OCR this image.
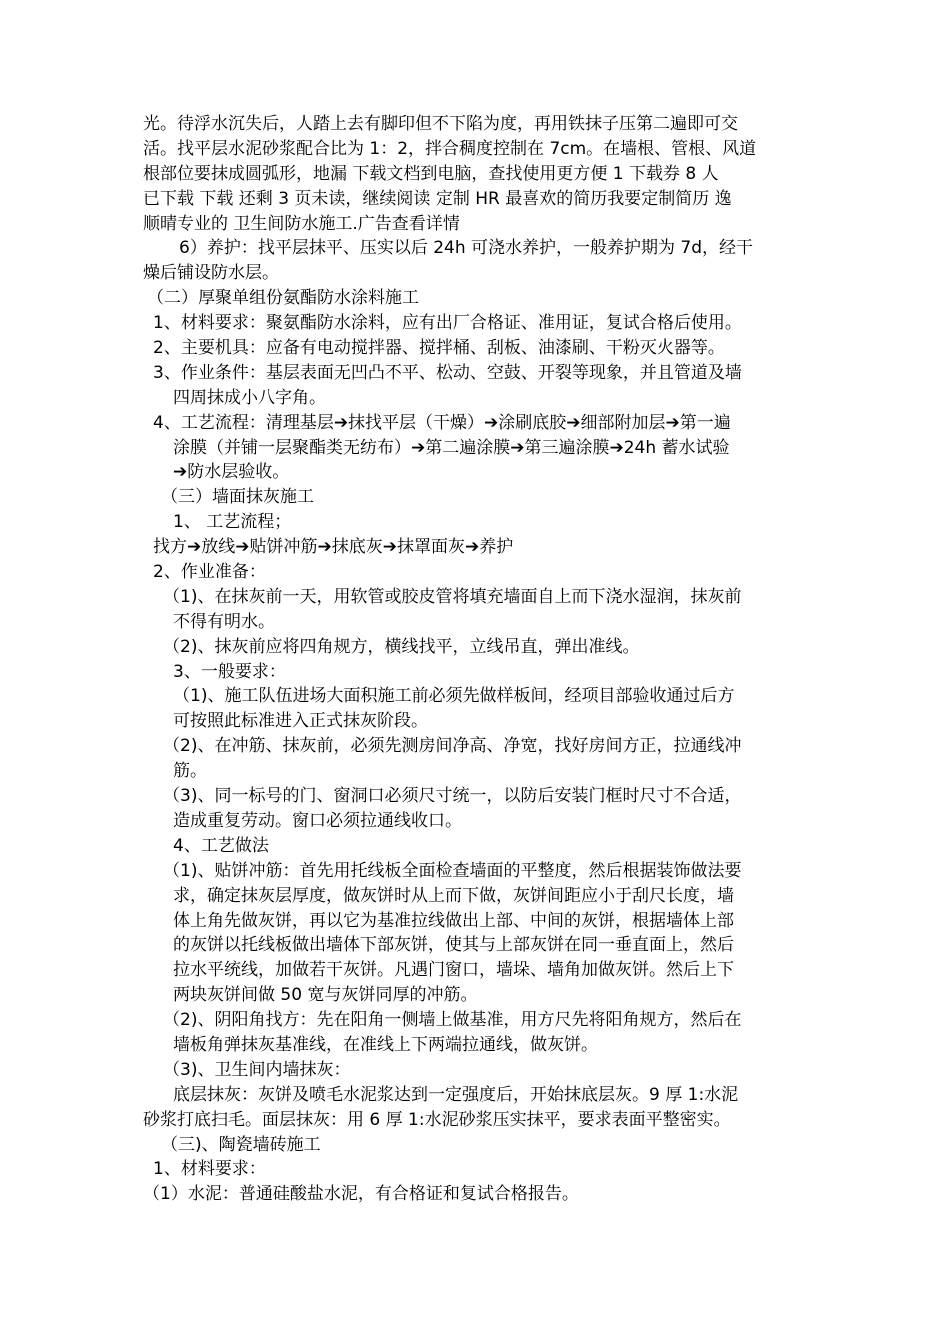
光。待浮水沉失后，人踏上去有脚印但不下陷为度，再用铁抹子压第二遍即可交
活。找平层水泥砂浆配合比为 1：2，拌合稠度控制在 7cm。在墙根、管根、风道
根部位要抹成圆弧形，地漏 下载文档到电脑，查找使用更方便 1 下载券 8 人
已下载 下载 还剩 3 页未读，继续阅读 定制 HR 最喜欢的简历我要定制简历 逸
顺晴专业的 卫生间防水施工.广告查看详情
6）养护：找平层抹平、压实以后 24h 可浇水养护，一般养护期为 7d，经干
燥后铺设防水层。
（二）厚聚单组份氨酯防水涂料施工
1、材料要求：聚氨酯防水涂料，应有出厂合格证、准用证，复试合格后使用。
2、主要机具：应备有电动搅拌器、搅拌桶、刮板、油漆刷、干粉灭火器等。
3、作业条件：基层表面无凹凸不平、松动、空鼓、开裂等现象，并且管道及墙
四周抹成小八字角。
4、工艺流程：清理基层➔抹找平层（干燥）➔涂刷底胶➔细部附加层➔第一遍
涂膜（并铺一层聚酯类无纺布）➔第二遍涂膜➔第三遍涂膜➔24h 蓄水试验
➔防水层验收。
（三）墙面抹灰施工
1、 工艺流程；
找方➔放线➔贴饼冲筋➔抹底灰➔抹罩面灰➔养护
2、作业准备：
（1)、在抹灰前一天，用软管或胶皮管将填充墙面自上而下浇水湿润，抹灰前
不得有明水。
（2)、抹灰前应将四角规方，横线找平，立线吊直，弹出准线。
3、一般要求：
（1)、施工队伍进场大面积施工前必须先做样板间，经项目部验收通过后方
可按照此标准进入正式抹灰阶段。
（2)、在冲筋、抹灰前，必须先测房间净高、净宽，找好房间方正，拉通线冲
筋。
（3)、同一标号的门、窗洞口必须尺寸统一，以防后安装门框时尺寸不合适，
造成重复劳动。窗口必须拉通线收口。
4、工艺做法
（1)、贴饼冲筋：首先用托线板全面检查墙面的平整度，然后根据装饰做法要
求，确定抹灰层厚度，做灰饼时从上而下做，灰饼间距应小于刮尺长度，墙
体上角先做灰饼，再以它为基准拉线做出上部、中间的灰饼，根据墙体上部
的灰饼以托线板做出墙体下部灰饼，使其与上部灰饼在同一垂直面上，然后
拉水平统线，加做若干灰饼。凡遇门窗口，墙垛、墙角加做灰饼。然后上下
两块灰饼间做 50 宽与灰饼同厚的冲筋。
（2)、阴阳角找方：先在阳角一侧墙上做基准，用方尺先将阳角规方，然后在
墙板角弹抹灰基准线，在准线上下两端拉通线，做灰饼。
（3)、卫生间内墙抹灰：
底层抹灰：灰饼及喷毛水泥浆达到一定强度后，开始抹底层灰。9 厚 1:水泥
砂浆打底扫毛。面层抹灰：用 6 厚 1:水泥砂浆压实抹平，要求表面平整密实。
（三)、陶瓷墙砖施工
1、材料要求：
（1）水泥：普通硅酸盐水泥，有合格证和复试合格报告。
